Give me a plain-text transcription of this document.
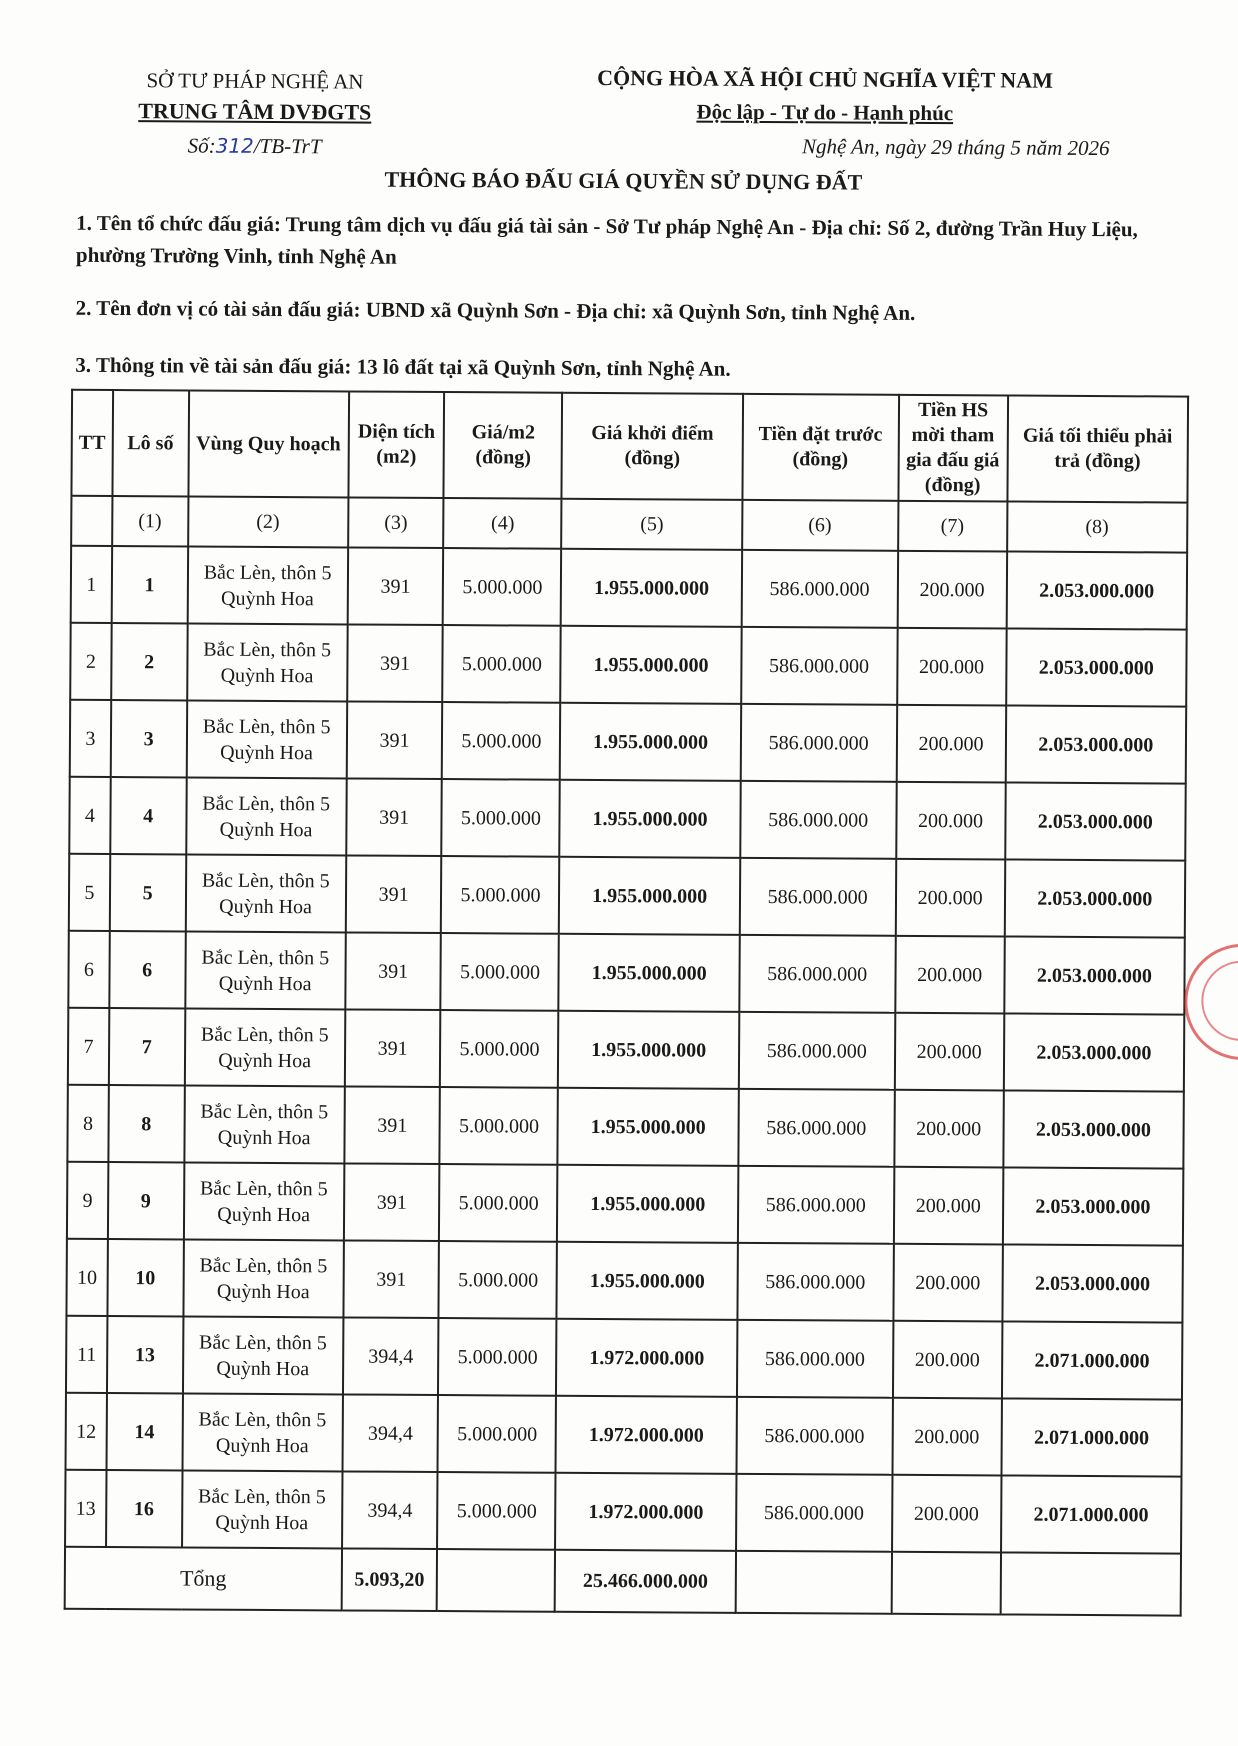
SỞ TƯ PHÁP NGHỆ AN
TRUNG TÂM DVĐGTS
Số:312/TB-TrT
CỘNG HÒA XÃ HỘI CHỦ NGHĨA VIỆT NAM
Độc lập - Tự do - Hạnh phúc
Nghệ An, ngày 29 tháng 5 năm 2026
THÔNG BÁO ĐẤU GIÁ QUYỀN SỬ DỤNG ĐẤT
1. Tên tổ chức đấu giá: Trung tâm dịch vụ đấu giá tài sản - Sở Tư pháp Nghệ An - Địa chỉ: Số 2, đường Trần Huy Liệu, phường Trường Vinh, tỉnh Nghệ An
2. Tên đơn vị có tài sản đấu giá: UBND xã Quỳnh Sơn - Địa chỉ: xã Quỳnh Sơn, tỉnh Nghệ An.
3. Thông tin về tài sản đấu giá: 13 lô đất tại xã Quỳnh Sơn, tỉnh Nghệ An.
TT	Lô số	Vùng Quy hoạch	Diện tích (m2)	Giá/m2 (đồng)	Giá khởi điểm (đồng)	Tiền đặt trước (đồng)	Tiền HS mời tham gia đấu giá (đồng)	Giá tối thiểu phải trả (đồng)
	(1)	(2)	(3)	(4)	(5)	(6)	(7)	(8)
1	1	Bắc Lèn, thôn 5 Quỳnh Hoa	391	5.000.000	1.955.000.000	586.000.000	200.000	2.053.000.000
2	2	Bắc Lèn, thôn 5 Quỳnh Hoa	391	5.000.000	1.955.000.000	586.000.000	200.000	2.053.000.000
3	3	Bắc Lèn, thôn 5 Quỳnh Hoa	391	5.000.000	1.955.000.000	586.000.000	200.000	2.053.000.000
4	4	Bắc Lèn, thôn 5 Quỳnh Hoa	391	5.000.000	1.955.000.000	586.000.000	200.000	2.053.000.000
5	5	Bắc Lèn, thôn 5 Quỳnh Hoa	391	5.000.000	1.955.000.000	586.000.000	200.000	2.053.000.000
6	6	Bắc Lèn, thôn 5 Quỳnh Hoa	391	5.000.000	1.955.000.000	586.000.000	200.000	2.053.000.000
7	7	Bắc Lèn, thôn 5 Quỳnh Hoa	391	5.000.000	1.955.000.000	586.000.000	200.000	2.053.000.000
8	8	Bắc Lèn, thôn 5 Quỳnh Hoa	391	5.000.000	1.955.000.000	586.000.000	200.000	2.053.000.000
9	9	Bắc Lèn, thôn 5 Quỳnh Hoa	391	5.000.000	1.955.000.000	586.000.000	200.000	2.053.000.000
10	10	Bắc Lèn, thôn 5 Quỳnh Hoa	391	5.000.000	1.955.000.000	586.000.000	200.000	2.053.000.000
11	13	Bắc Lèn, thôn 5 Quỳnh Hoa	394,4	5.000.000	1.972.000.000	586.000.000	200.000	2.071.000.000
12	14	Bắc Lèn, thôn 5 Quỳnh Hoa	394,4	5.000.000	1.972.000.000	586.000.000	200.000	2.071.000.000
13	16	Bắc Lèn, thôn 5 Quỳnh Hoa	394,4	5.000.000	1.972.000.000	586.000.000	200.000	2.071.000.000
Tổng			5.093,20		25.466.000.000			
